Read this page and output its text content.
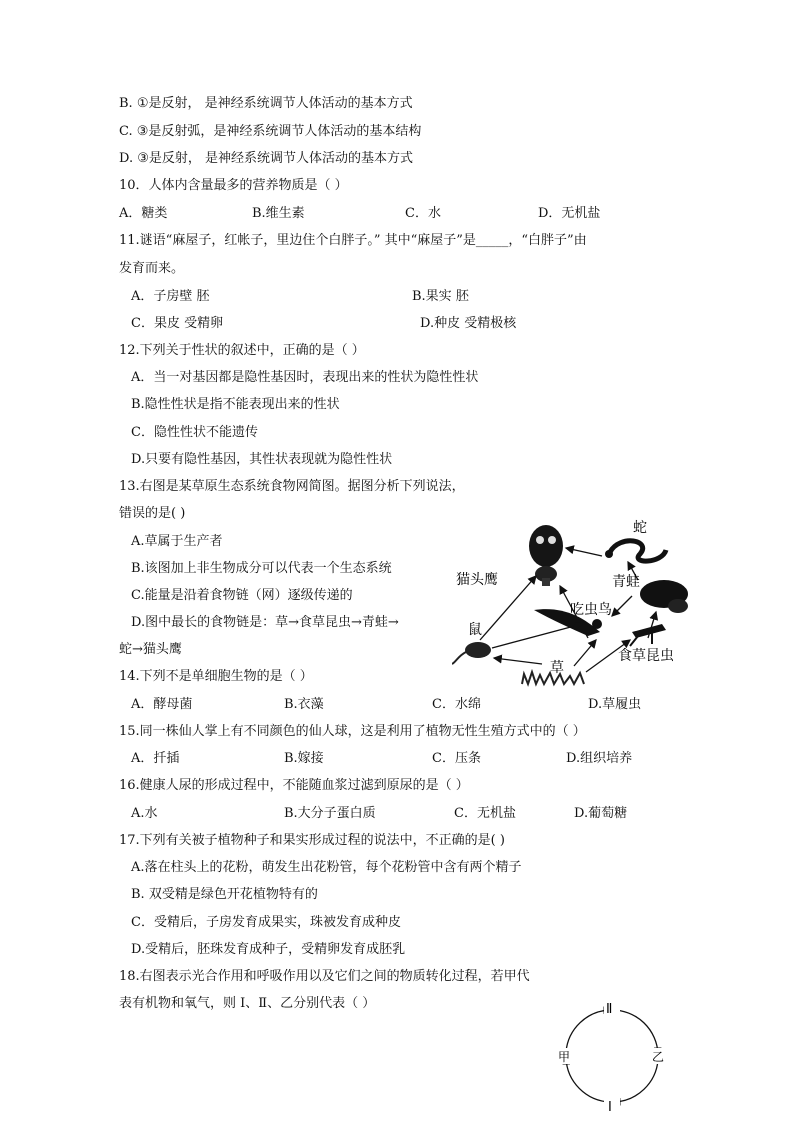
B. ①是反射， 是神经系统调节人体活动的基本方式
C. ③是反射弧，是神经系统调节人体活动的基本结构
D. ③是反射， 是神经系统调节人体活动的基本方式
10．人体内含量最多的营养物质是（ ）
A．糖类	B.维生素	C．水	D．无机盐
11.谜语“麻屋子，红帐子，里边住个白胖子。” 其中“麻屋子”是_____，“白胖子”由
发育而来。
A．子房壁 胚	B.果实 胚
C．果皮 受精卵	D.种皮 受精极核
12.下列关于性状的叙述中，正确的是（ ）
A．当一对基因都是隐性基因时，表现出来的性状为隐性性状
B.隐性性状是指不能表现出来的性状
C．隐性性状不能遗传
D.只要有隐性基因，其性状表现就为隐性性状
13.右图是某草原生态系统食物网简图。据图分析下列说法，
错误的是( )
A.草属于生产者
B.该图加上非生物成分可以代表一个生态系统
C.能量是沿着食物链（网）逐级传递的
D.图中最长的食物链是：草→食草昆虫→青蛙→
蛇→猫头鹰
蛇
猫头鹰	青蛙
吃虫鸟
鼠
草
食草昆虫
14.下列不是单细胞生物的是（ ）
A．酵母菌	B.衣藻	C．水绵	D.草履虫
15.同一株仙人掌上有不同颜色的仙人球，这是利用了植物无性生殖方式中的（ ）
A．扦插	B.嫁接	C．压条	D.组织培养
16.健康人尿的形成过程中，不能随血浆过滤到原尿的是（ ）
A.水	B.大分子蛋白质	C．无机盐	D.葡萄糖
17.下列有关被子植物种子和果实形成过程的说法中，不正确的是( )
A.落在柱头上的花粉，萌发生出花粉管，每个花粉管中含有两个精子
B. 双受精是绿色开花植物特有的
C．受精后，子房发育成果实，珠被发育成种皮
D.受精后，胚珠发育成种子，受精卵发育成胚乳
18.右图表示光合作用和呼吸作用以及它们之间的物质转化过程，若甲代
表有机物和氧气，则 Ⅰ、Ⅱ、乙分别代表（ ）	Ⅱ
Ⅰ
甲	乙
